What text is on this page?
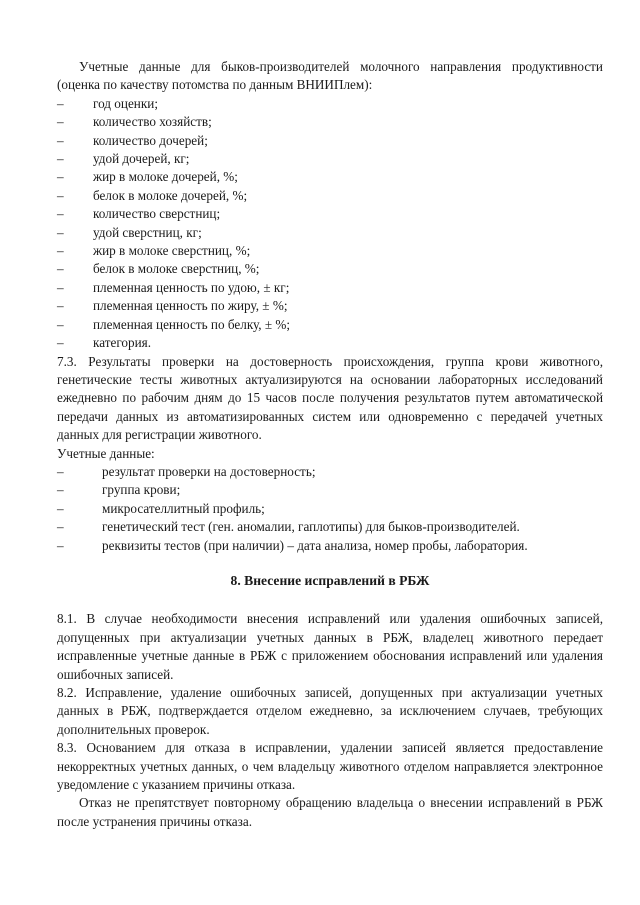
Учетные данные для быков-производителей молочного направления продуктивности (оценка по качеству потомства по данным ВНИИПлем):

– год оценки;
– количество хозяйств;
– количество дочерей;
– удой дочерей, кг;
– жир в молоке дочерей, %;
– белок в молоке дочерей, %;
– количество сверстниц;
– удой сверстниц, кг;
– жир в молоке сверстниц, %;
– белок в молоке сверстниц, %;
– племенная ценность по удою, ± кг;
– племенная ценность по жиру, ± %;
– племенная ценность по белку, ± %;
– категория.

7.3. Результаты проверки на достоверность происхождения, группа крови животного, генетические тесты животных актуализируются на основании лабораторных исследований ежедневно по рабочим дням до 15 часов после получения результатов путем автоматической передачи данных из автоматизированных систем или одновременно с передачей учетных данных для регистрации животного.

Учетные данные:

–	результат проверки на достоверность;
–	группа крови;
–	микросателлитный профиль;
–	генетический тест (ген. аномалии, гаплотипы) для быков-производителей.
–	реквизиты тестов (при наличии) – дата анализа, номер пробы, лаборатория.
8. Внесение исправлений в РБЖ

8.1. В случае необходимости внесения исправлений или удаления ошибочных записей, допущенных при актуализации учетных данных в РБЖ, владелец животного передает исправленные учетные данные в РБЖ с приложением обоснования исправлений или удаления ошибочных записей.

8.2. Исправление, удаление ошибочных записей, допущенных при актуализации учетных данных в РБЖ, подтверждается отделом ежедневно, за исключением случаев, требующих дополнительных проверок.

8.3. Основанием для отказа в исправлении, удалении записей является предоставление некорректных учетных данных, о чем владельцу животного отделом направляется электронное уведомление с указанием причины отказа.

Отказ не препятствует повторному обращению владельца о внесении исправлений в РБЖ после устранения причины отказа.
